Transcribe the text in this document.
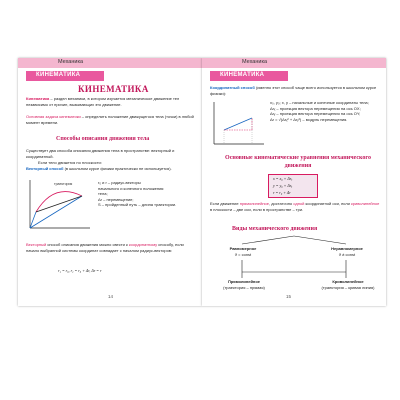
Механика
КИНЕМАТИКА
КИНЕМАТИКА
Кинематика – раздел механики, в котором изучается механическое движение тел независимо от причин, вызывающих это движение.
Основная задача кинематики – определить положение движущегося тела (точки) в любой момент времени.
Способы описания движения тела
Существует два способа описания движения тела в пространстве: векторный и координатный.
Если тело движется по плоскости:
Векторный способ (в школьном курсе физики практически не используется).
траектория	r₀ и r – радиус-векторы
начального и конечного положения
тела;
Δr – перемещение;
S – пройденный путь – длина траектории.
Векторный способ описания движения можно свести к координатному способу, если начало выбранной системы координат совпадает с началом радиус-векторов:
r₁ = r₀, r₁ = r₀ + Δr, Δr = r
14
Механика
КИНЕМАТИКА
Координатный способ (именно этот способ чаще всего используется в школьном курсе физики):
x₀, y₀; x, y – начальные и конечные координаты тела;
Δrₓ – проекция вектора перемещения на ось OX;
Δrᵧ – проекция вектора перемещения на ось OY;
Δr = √(Δrₓ² + Δrᵧ²) – модуль перемещения.
Основные кинематические уравнения механического движения
x = x₀ + Δrₓ
y = y₀ + Δrᵧ
r = r₀ + Δr
Если движение прямолинейное, достаточно одной координатной оси, если криволинейное в плоскости – две оси, если в пространстве – три.
Виды механического движения
Равномерное
ϑ = const
Неравномерное
ϑ ≠ const
Прямолинейное
(траектория – прямая)
Криволинейное
(траектория – кривая линия)
15
